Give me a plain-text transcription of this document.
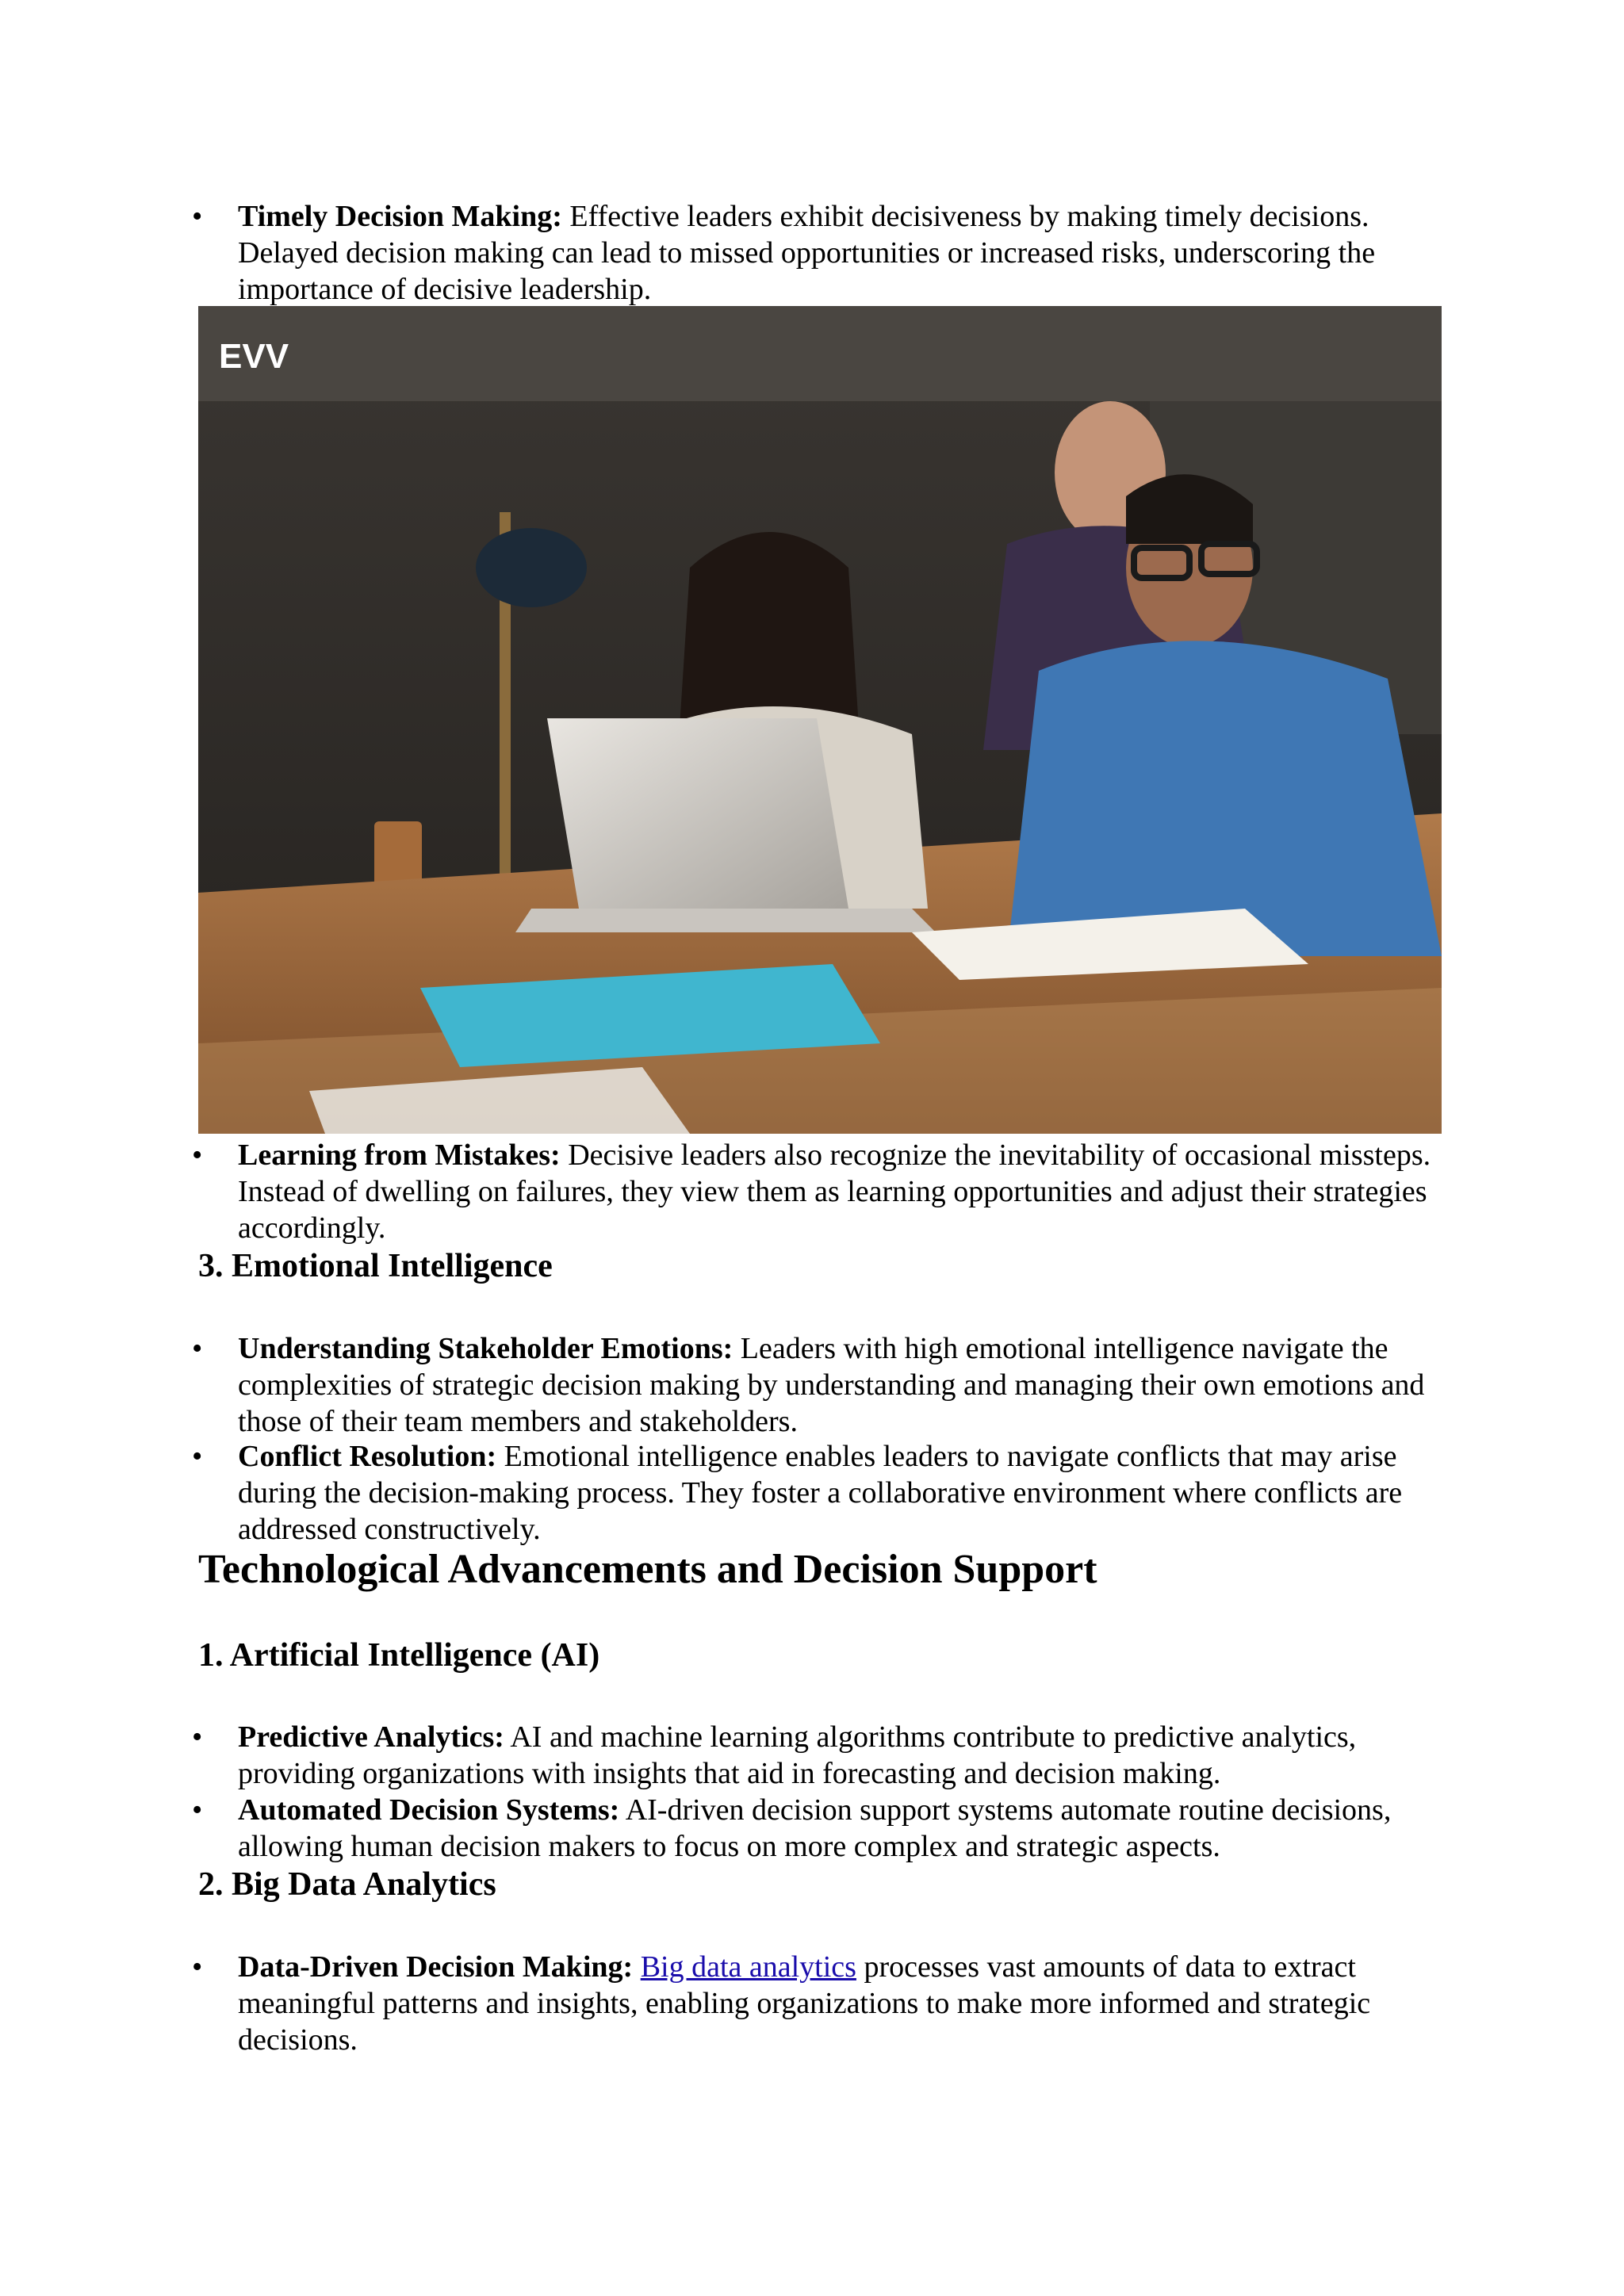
• Timely Decision Making: Effective leaders exhibit decisiveness by making timely decisions. Delayed decision making can lead to missed opportunities or increased risks, underscoring the importance of decisive leadership.
EVV
• Learning from Mistakes: Decisive leaders also recognize the inevitability of occasional missteps. Instead of dwelling on failures, they view them as learning opportunities and adjust their strategies accordingly.
3. Emotional Intelligence
• Understanding Stakeholder Emotions: Leaders with high emotional intelligence navigate the complexities of strategic decision making by understanding and managing their own emotions and those of their team members and stakeholders.
• Conflict Resolution: Emotional intelligence enables leaders to navigate conflicts that may arise during the decision-making process. They foster a collaborative environment where conflicts are addressed constructively.
Technological Advancements and Decision Support
1. Artificial Intelligence (AI)
• Predictive Analytics: AI and machine learning algorithms contribute to predictive analytics, providing organizations with insights that aid in forecasting and decision making.
• Automated Decision Systems: AI-driven decision support systems automate routine decisions, allowing human decision makers to focus on more complex and strategic aspects.
2. Big Data Analytics
• Data-Driven Decision Making: Big data analytics processes vast amounts of data to extract meaningful patterns and insights, enabling organizations to make more informed and strategic decisions.
